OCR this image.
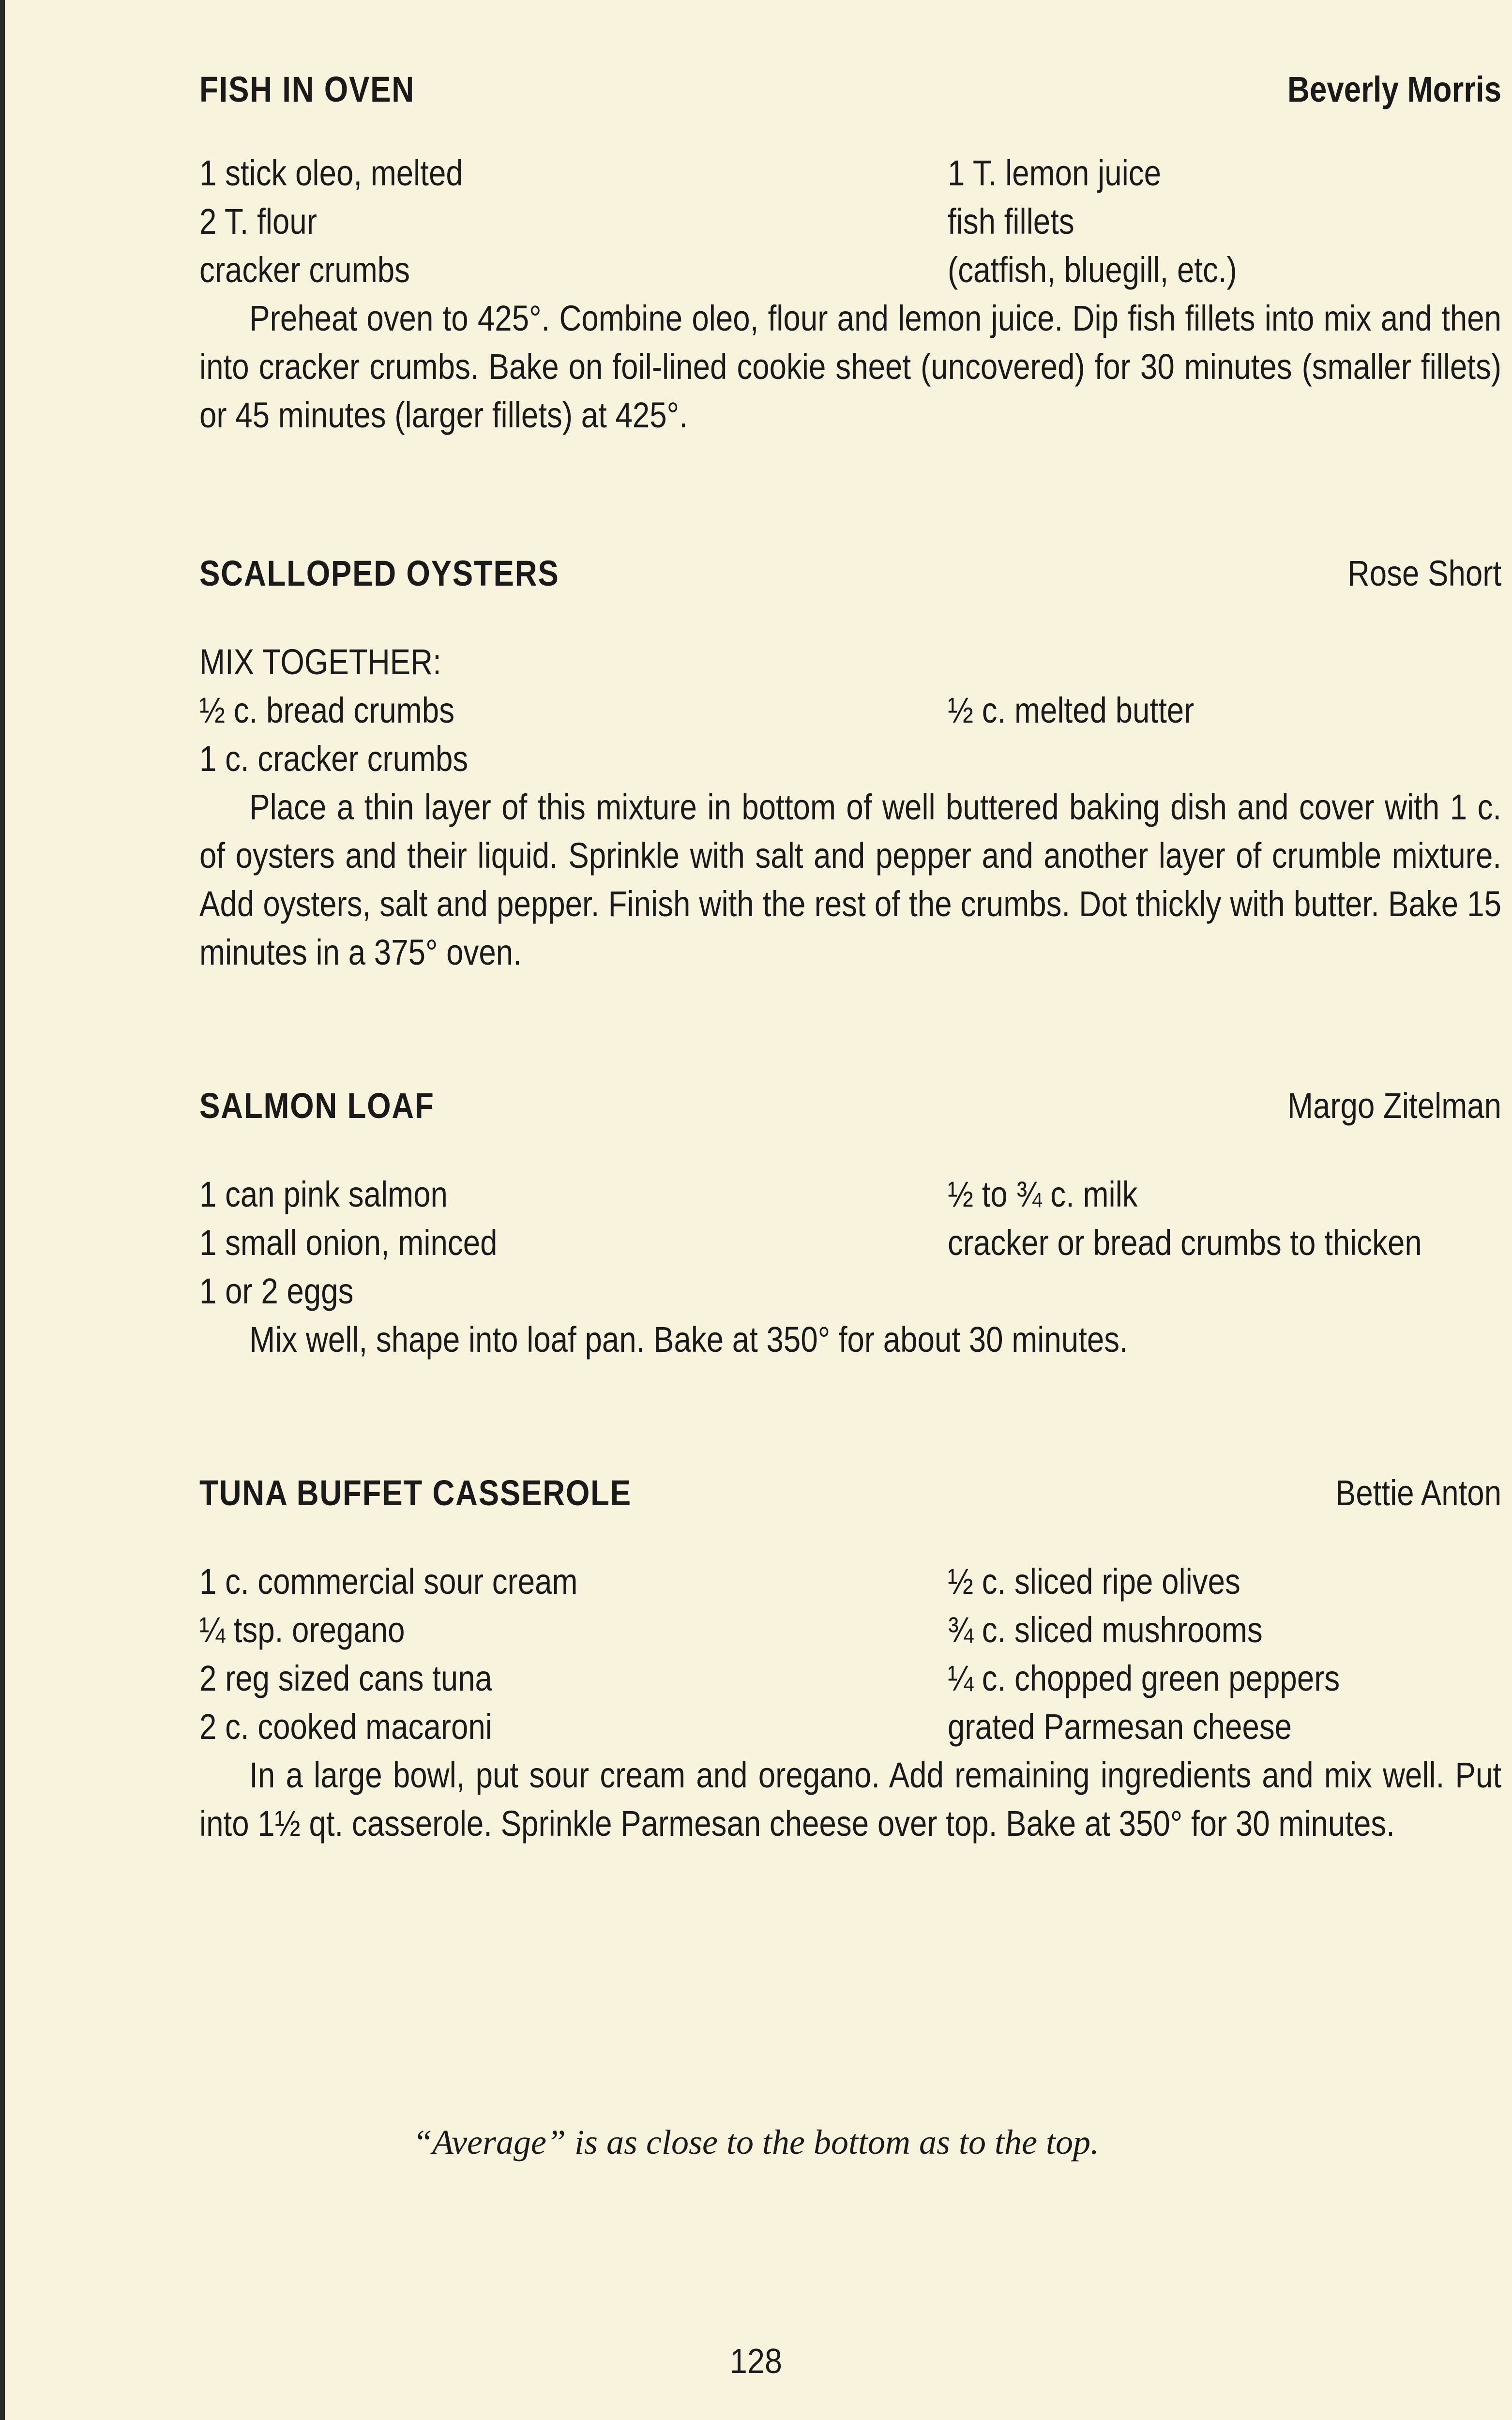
FISH IN OVEN	Beverly Morris
1 stick oleo, melted	1 T. lemon juice
2 T. flour	fish fillets
cracker crumbs	(catfish, bluegill, etc.)
Preheat oven to 425°. Combine oleo, flour and lemon juice. Dip fish fillets into mix and then into cracker crumbs. Bake on foil-lined cookie sheet (uncovered) for 30 minutes (smaller fillets) or 45 minutes (larger fillets) at 425°.
SCALLOPED OYSTERS	Rose Short
MIX TOGETHER:
½ c. bread crumbs	½ c. melted butter
1 c. cracker crumbs
Place a thin layer of this mixture in bottom of well buttered baking dish and cover with 1 c. of oysters and their liquid. Sprinkle with salt and pepper and another layer of crumble mixture. Add oysters, salt and pepper. Finish with the rest of the crumbs. Dot thickly with butter. Bake 15 minutes in a 375° oven.
SALMON LOAF	Margo Zitelman
1 can pink salmon	½ to ¾ c. milk
1 small onion, minced	cracker or bread crumbs to thicken
1 or 2 eggs
Mix well, shape into loaf pan. Bake at 350° for about 30 minutes.
TUNA BUFFET CASSEROLE	Bettie Anton
1 c. commercial sour cream	½ c. sliced ripe olives
¼ tsp. oregano	¾ c. sliced mushrooms
2 reg sized cans tuna	¼ c. chopped green peppers
2 c. cooked macaroni	grated Parmesan cheese
In a large bowl, put sour cream and oregano. Add remaining ingredients and mix well. Put into 1½ qt. casserole. Sprinkle Parmesan cheese over top. Bake at 350° for 30 minutes.
“Average” is as close to the bottom as to the top.
128
